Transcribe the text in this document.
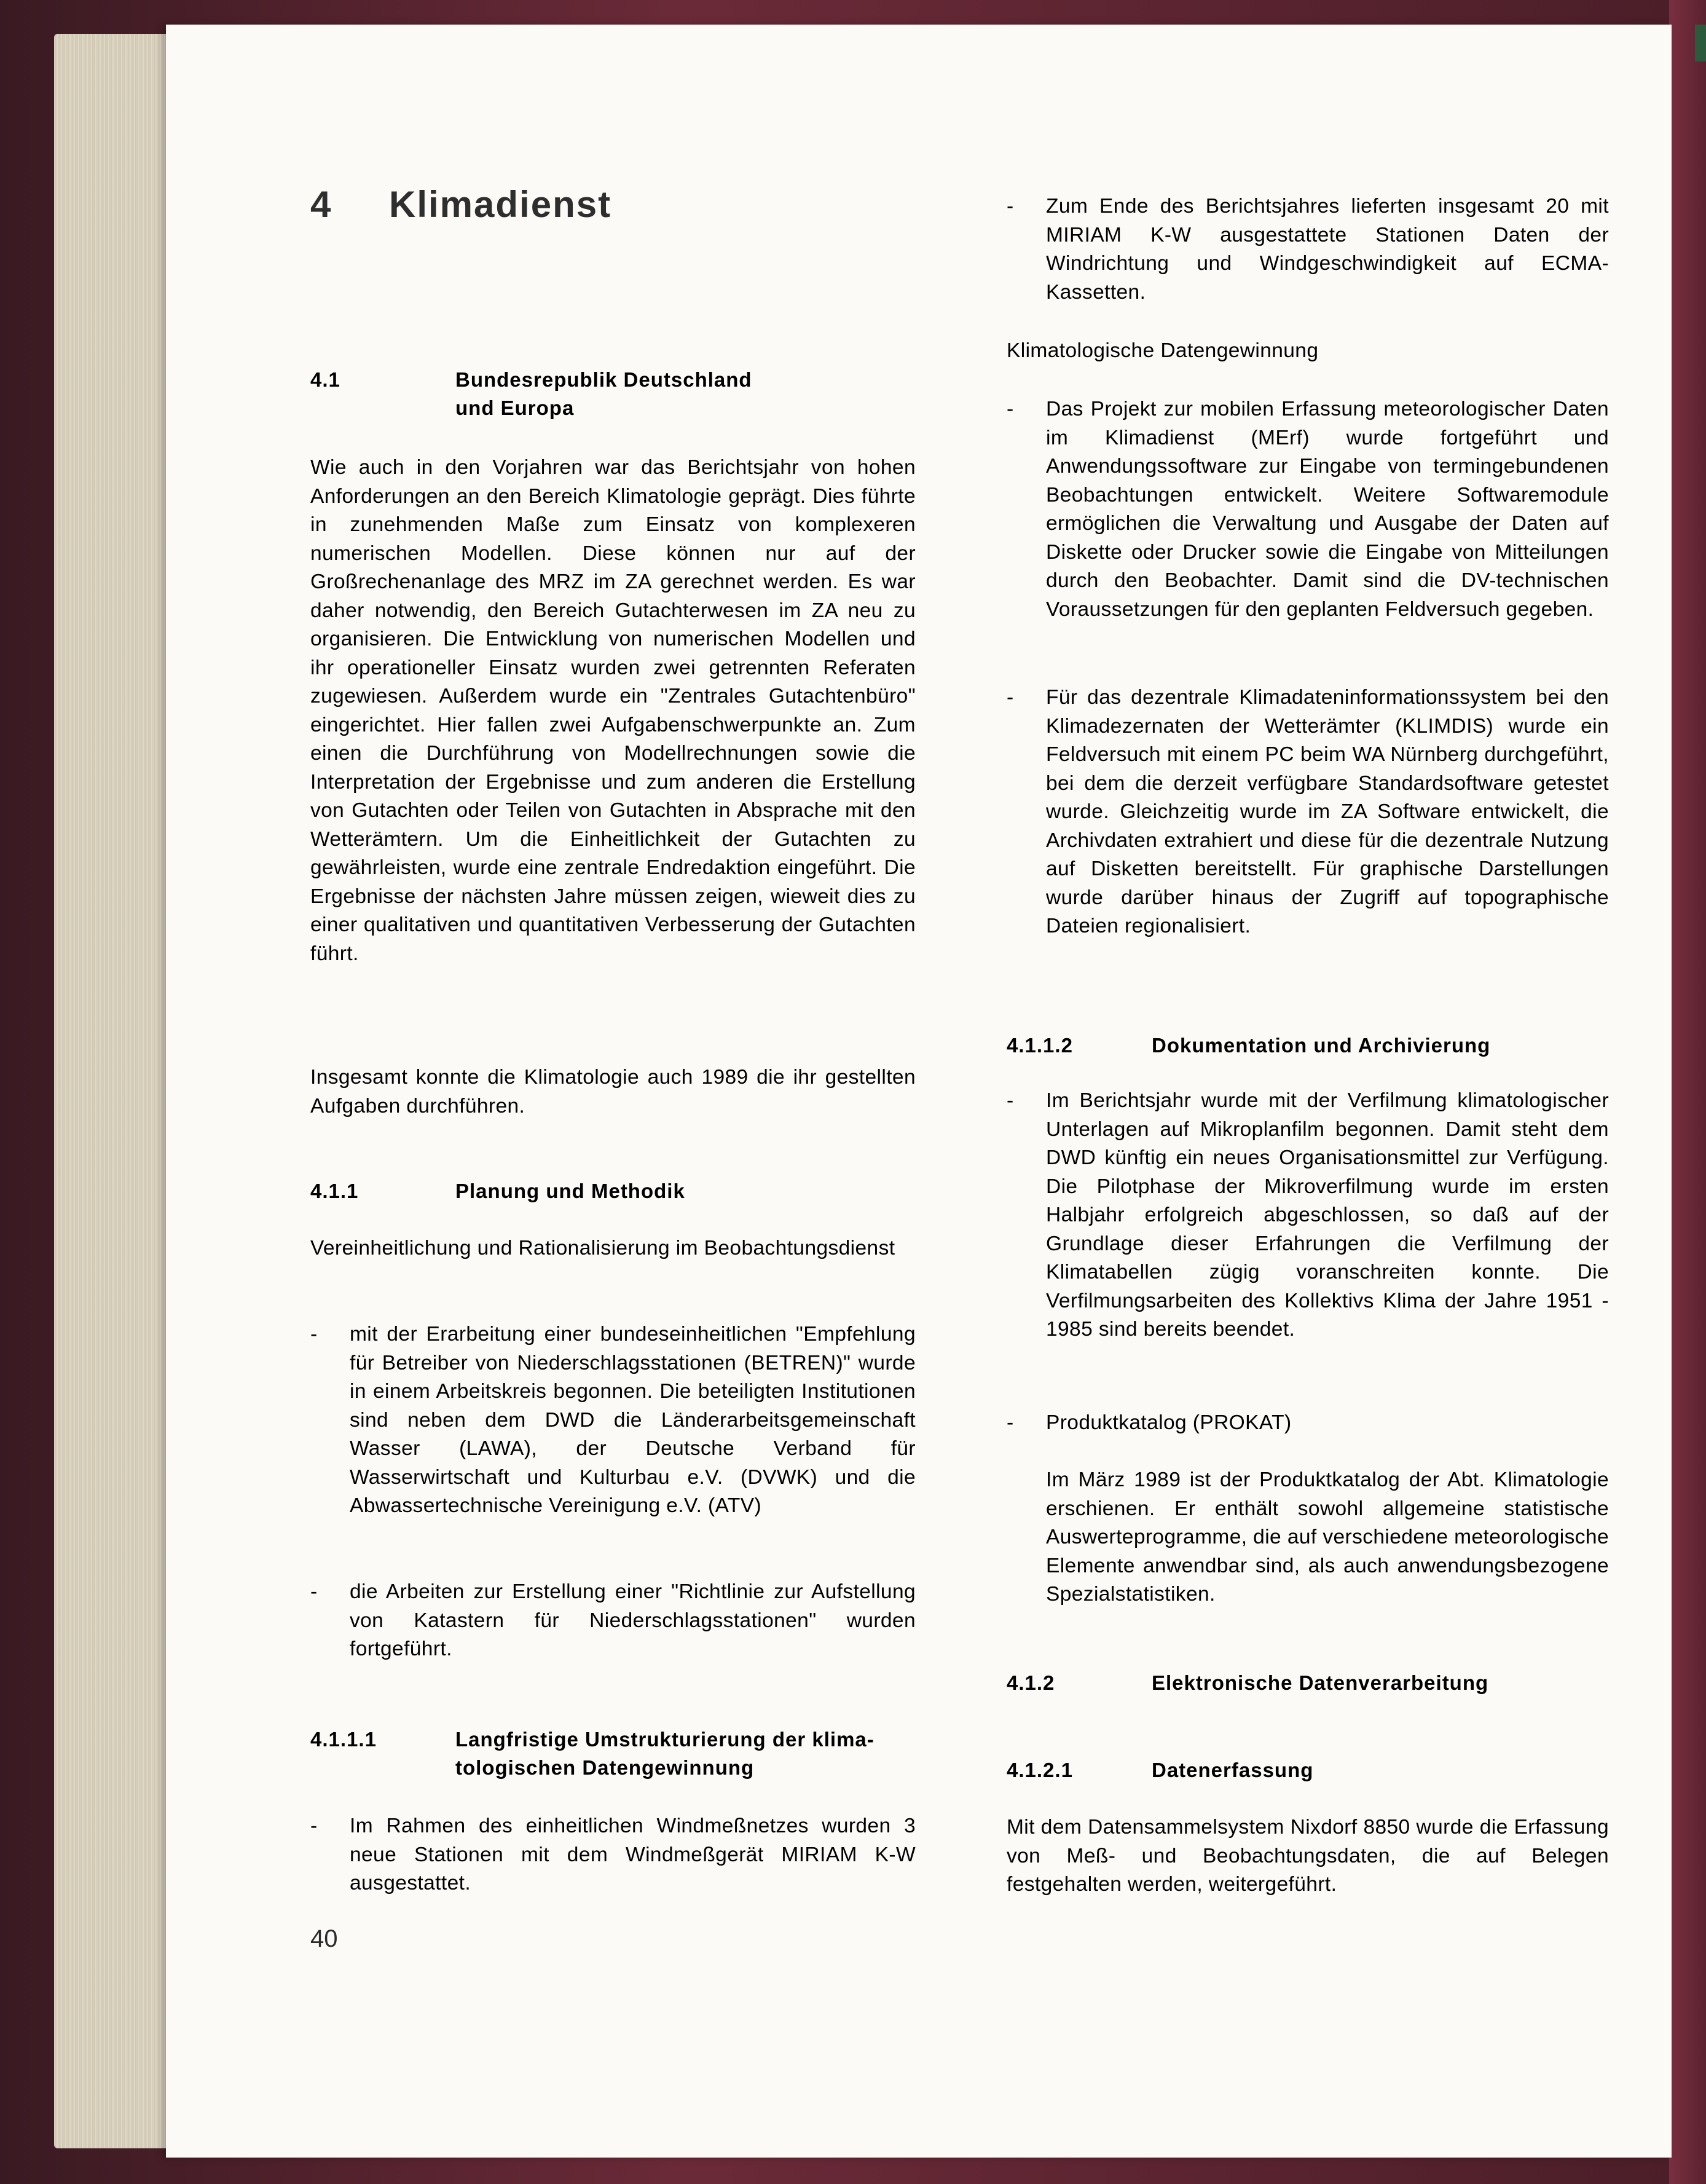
4 Klimadienst
4.1	Bundesrepublik Deutschland
und Europa

Wie auch in den Vorjahren war das Berichtsjahr von hohen Anforderungen an den Bereich Klimatologie geprägt. Dies führte in zunehmenden Maße zum Einsatz von komplexeren numerischen Modellen. Diese können nur auf der Großrechenanlage des MRZ im ZA gerechnet werden. Es war daher notwendig, den Bereich Gutachterwesen im ZA neu zu organisieren. Die Entwicklung von numerischen Modellen und ihr operationeller Einsatz wurden zwei getrennten Referaten zugewiesen. Außerdem wurde ein "Zentrales Gutachtenbüro" eingerichtet. Hier fallen zwei Aufgabenschwerpunkte an. Zum einen die Durchführung von Modellrechnungen sowie die Interpretation der Ergebnisse und zum anderen die Erstellung von Gutachten oder Teilen von Gutachten in Absprache mit den Wetterämtern. Um die Einheitlichkeit der Gutachten zu gewährleisten, wurde eine zentrale Endredaktion eingeführt. Die Ergebnisse der nächsten Jahre müssen zeigen, wieweit dies zu einer qualitativen und quantitativen Verbesserung der Gutachten führt.

Insgesamt konnte die Klimatologie auch 1989 die ihr gestellten Aufgaben durchführen.

4.1.1	Planung und Methodik

Vereinheitlichung und Rationalisierung im Beobachtungsdienst

- mit der Erarbeitung einer bundeseinheitlichen "Empfehlung für Betreiber von Niederschlagsstationen (BETREN)" wurde in einem Arbeitskreis begonnen. Die beteiligten Institutionen sind neben dem DWD die Länderarbeitsgemeinschaft Wasser (LAWA), der Deutsche Verband für Wasserwirtschaft und Kulturbau e.V. (DVWK) und die Abwassertechnische Vereinigung e.V. (ATV)

- die Arbeiten zur Erstellung einer "Richtlinie zur Aufstellung von Katastern für Niederschlagsstationen" wurden fortgeführt.

4.1.1.1	Langfristige Umstrukturierung der klima-
tologischen Datengewinnung
- Im Rahmen des einheitlichen Windmeßnetzes wurden 3 neue Stationen mit dem Windmeßgerät MIRIAM K-W ausgestattet.

40
- Zum Ende des Berichtsjahres lieferten insgesamt 20 mit MIRIAM K-W ausgestattete Stationen Daten der Windrichtung und Windgeschwindigkeit auf ECMA-Kassetten.

Klimatologische Datengewinnung

- Das Projekt zur mobilen Erfassung meteorologischer Daten im Klimadienst (MErf) wurde fortgeführt und Anwendungssoftware zur Eingabe von termingebundenen Beobachtungen entwickelt. Weitere Softwaremodule ermöglichen die Verwaltung und Ausgabe der Daten auf Diskette oder Drucker sowie die Eingabe von Mitteilungen durch den Beobachter. Damit sind die DV-technischen Voraussetzungen für den geplanten Feldversuch gegeben.

- Für das dezentrale Klimadateninformationssystem bei den Klimadezernaten der Wetterämter (KLIMDIS) wurde ein Feldversuch mit einem PC beim WA Nürnberg durchgeführt, bei dem die derzeit verfügbare Standardsoftware getestet wurde. Gleichzeitig wurde im ZA Software entwickelt, die Archivdaten extrahiert und diese für die dezentrale Nutzung auf Disketten bereitstellt. Für graphische Darstellungen wurde darüber hinaus der Zugriff auf topographische Dateien regionalisiert.

4.1.1.2	Dokumentation und Archivierung
- Im Berichtsjahr wurde mit der Verfilmung klimatologischer Unterlagen auf Mikroplanfilm begonnen. Damit steht dem DWD künftig ein neues Organisationsmittel zur Verfügung. Die Pilotphase der Mikroverfilmung wurde im ersten Halbjahr erfolgreich abgeschlossen, so daß auf der Grundlage dieser Erfahrungen die Verfilmung der Klimatabellen zügig voranschreiten konnte. Die Verfilmungsarbeiten des Kollektivs Klima der Jahre 1951 - 1985 sind bereits beendet.

- Produktkatalog (PROKAT)

Im März 1989 ist der Produktkatalog der Abt. Klimatologie erschienen. Er enthält sowohl allgemeine statistische Auswerteprogramme, die auf verschiedene meteorologische Elemente anwendbar sind, als auch anwendungsbezogene Spezialstatistiken.

4.1.2	Elektronische Datenverarbeitung
4.1.2.1	Datenerfassung

Mit dem Datensammelsystem Nixdorf 8850 wurde die Erfassung von Meß- und Beobachtungsdaten, die auf Belegen festgehalten werden, weitergeführt.
